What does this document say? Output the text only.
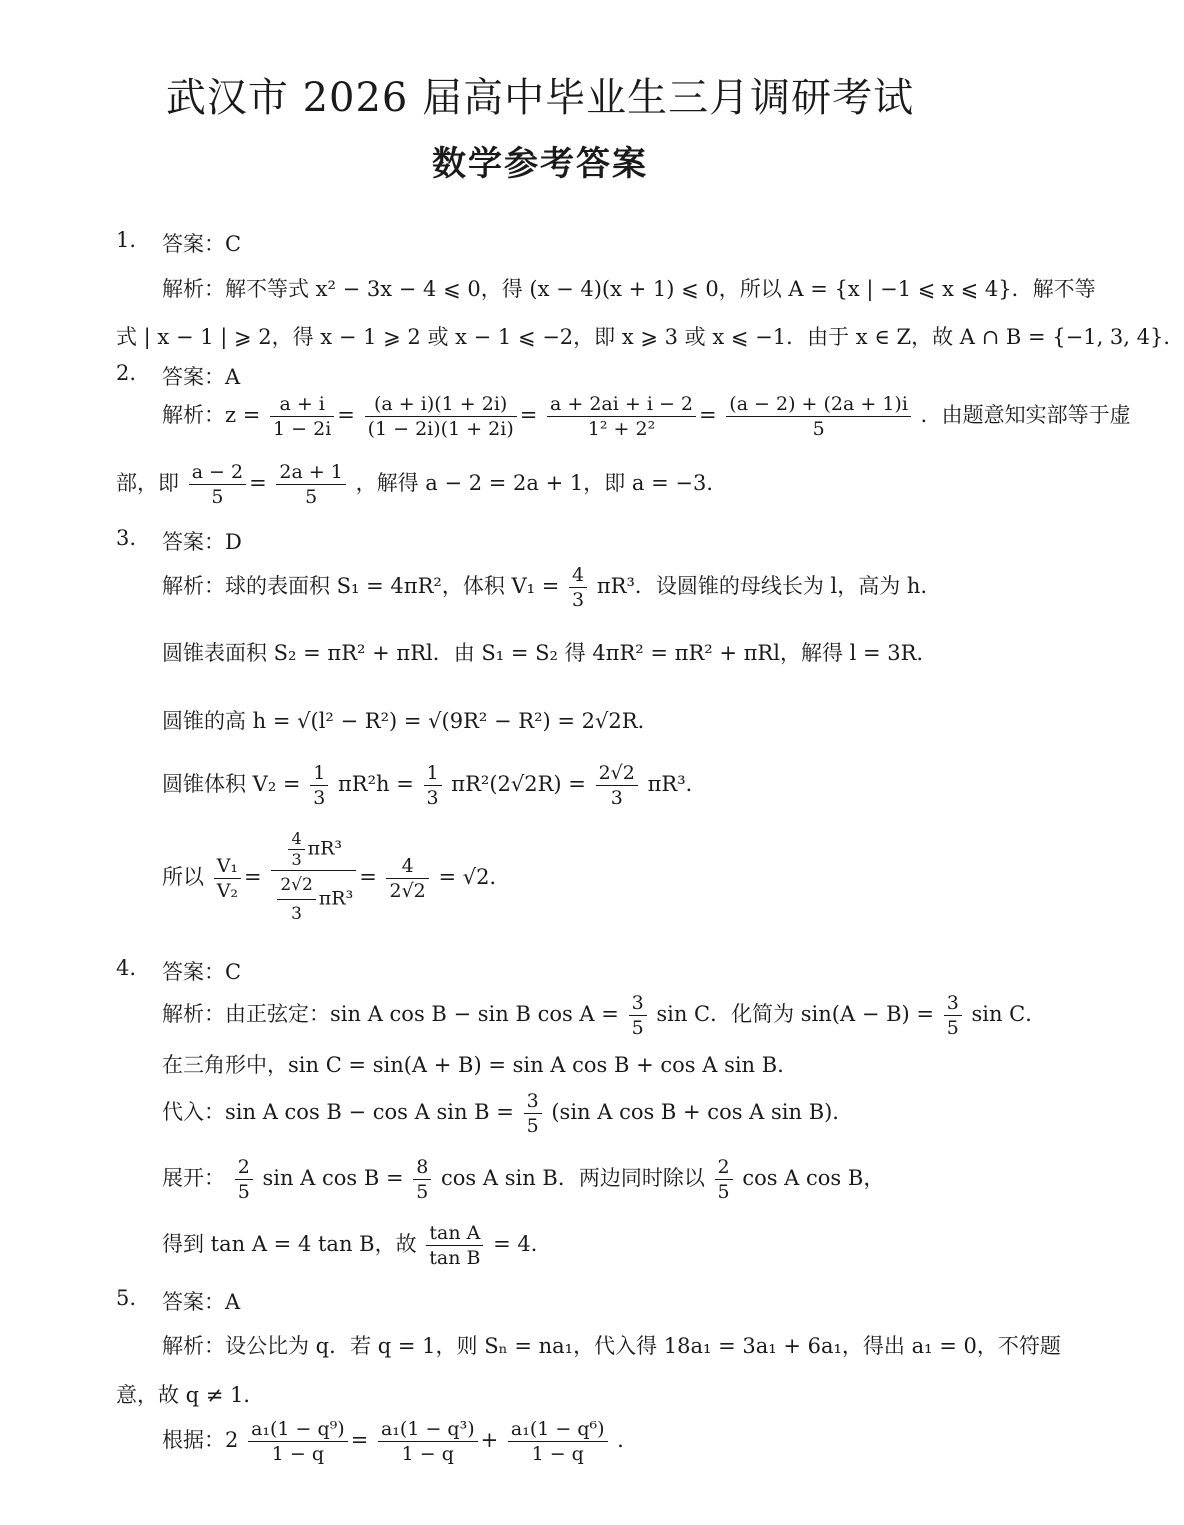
武汉市 2026 届高中毕业生三月调研考试
数学参考答案
1. 答案：C
解析：解不等式 x² − 3x − 4 ⩽ 0，得 (x − 4)(x + 1) ⩽ 0，所以 A = {x | −1 ⩽ x ⩽ 4}．解不等
式 | x − 1 | ⩾ 2，得 x − 1 ⩾ 2 或 x − 1 ⩽ −2，即 x ⩾ 3 或 x ⩽ −1．由于 x ∈ Z，故 A ∩ B = {−1, 3, 4}．
2. 答案：A
解析：$z = \frac{a + i}{1 - 2i} = \frac{(a + i)(1 + 2i)}{(1 - 2i)(1 + 2i)} = \frac{a + 2ai + i - 2}{\text{1² + 2²}} = \frac{(a - 2) + (2a + 1)i}{5}$ ．由题意知实部等于虚
部，即 $\frac{a - 2}{5} = \frac{2a + 1}{5}$ ，解得 a − 2 = 2a + 1，即 a = −3．
3. 答案：D
解析：球的表面积 S₁ = 4πR²，体积 $V_1 = \frac{4}{3} \pi R^3$．设圆锥的母线长为 l，高为 h．
圆锥表面积 S₂ = πR² + πRl．由 S₁ = S₂ 得 4πR² = πR² + πRl，解得 l = 3R．
圆锥的高 h = √(l² − R²) = √(9R² − R²) = 2√2R．
圆锥体积 $V_2 = \frac{1}{3} \pi R^2h = \frac{1}{3} \pi R^2(2√2R) = \frac{2√2}{3} \pi R^3$．
所以 $\frac{\text{V₁}}{\text{V₂}} = \frac{\frac{4}{3} \pi R^3}{\frac{2√2}{3} \pi R^3} = \frac{4}{2√2} = √2$．
4. 答案：C
解析：由正弦定：sin A cos B − sin B $\cos A = \frac{3}{5}$ sin C．化简为 $\sin(A - B) = \frac{3}{5}$ sin C．
在三角形中，sin C = sin(A + B) = sin A cos B + cos A sin B．
代入：sin A cos B − cos A $\sin B = \frac{3}{5} (\sin$ A cos B + cos A sin B)．
展开： $\frac{2}{5}$ sin A $\cos B = \frac{8}{5}$ cos A sin B．两边同时除以 $\frac{2}{5}$ cos A cos B，
得到 tan A = 4 tan B，故 $\frac{\text{tan A}}{\text{tan B}} = 4$．
5. 答案：A
解析：设公比为 q．若 q = 1，则 Sₙ = na₁，代入得 18a₁ = 3a₁ + 6a₁，得出 a₁ = 0，不符题
意，故 q ≠ 1．
根据：$2 \frac{\text{a₁(1 − q⁹)}}{1 - q} = \frac{\text{a₁(1 − q³)}}{1 - q} + \frac{\text{a₁(1 − q⁶)}}{1 - q}$ ．
